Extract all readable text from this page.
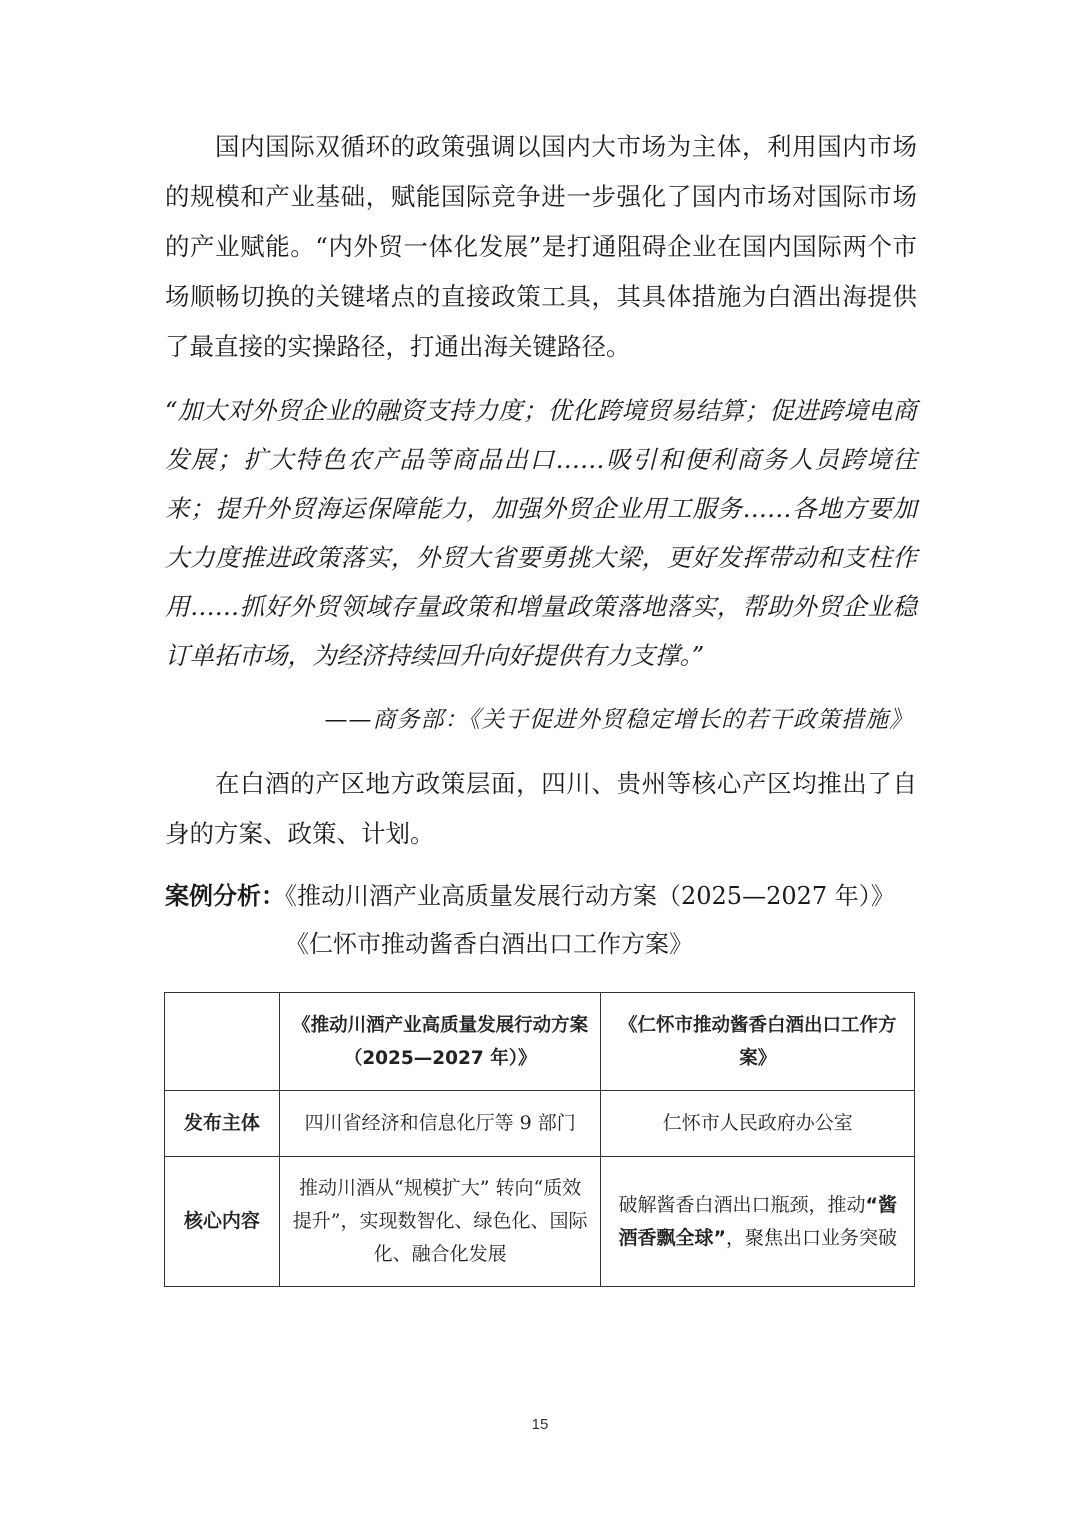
国内国际双循环的政策强调以国内大市场为主体，利用国内市场的规模和产业基础，赋能国际竞争进一步强化了国内市场对国际市场的产业赋能。“内外贸一体化发展”是打通阻碍企业在国内国际两个市场顺畅切换的关键堵点的直接政策工具，其具体措施为白酒出海提供了最直接的实操路径，打通出海关键路径。

“加大对外贸企业的融资支持力度；优化跨境贸易结算；促进跨境电商发展；扩大特色农产品等商品出口……吸引和便利商务人员跨境往来；提升外贸海运保障能力，加强外贸企业用工服务……各地方要加大力度推进政策落实，外贸大省要勇挑大梁，更好发挥带动和支柱作用……抓好外贸领域存量政策和增量政策落地落实，帮助外贸企业稳订单拓市场，为经济持续回升向好提供有力支撑。”

——商务部：《关于促进外贸稳定增长的若干政策措施》

在白酒的产区地方政策层面，四川、贵州等核心产区均推出了自身的方案、政策、计划。

案例分析：《推动川酒产业高质量发展行动方案（2025—2027 年）》

《仁怀市推动酱香白酒出口工作方案》

	《推动川酒产业高质量发展行动方案（2025—2027 年）》	《仁怀市推动酱香白酒出口工作方案》
发布主体	四川省经济和信息化厅等 9 部门	仁怀市人民政府办公室
核心内容	推动川酒从“规模扩大” 转向“质效提升”，实现数智化、绿色化、国际化、融合化发展	破解酱香白酒出口瓶颈，推动“酱酒香飘全球”，聚焦出口业务突破
15
